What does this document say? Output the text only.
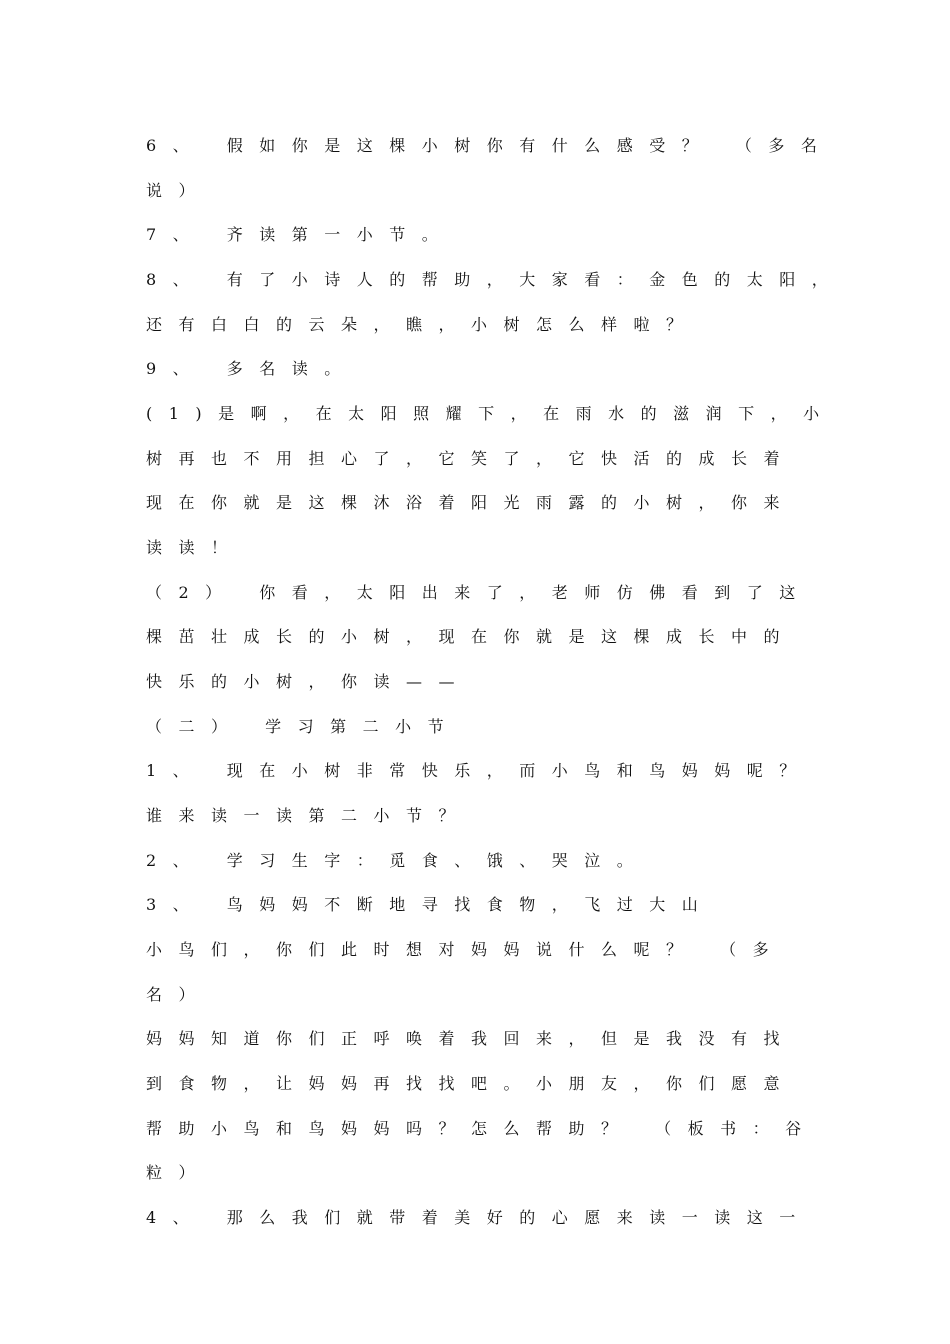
6、 假如你是这棵小树你有什么感受？ （多名
说）
7、 齐读第一小节。
8、 有了小诗人的帮助，大家看：金色的太阳，
还有白白的云朵，瞧，小树怎么样啦？
9、 多名读。
(1)是啊，在太阳照耀下，在雨水的滋润下，小
树再也不用担心了，它笑了，它快活的成长着
现在你就是这棵沐浴着阳光雨露的小树，你来
读读！
（2） 你看，太阳出来了，老师仿佛看到了这
棵茁壮成长的小树，现在你就是这棵成长中的
快乐的小树，你读——
（二） 学习第二小节
1、 现在小树非常快乐，而小鸟和鸟妈妈呢？
谁来读一读第二小节？
2、 学习生字：觅食、饿、哭泣。
3、 鸟妈妈不断地寻找食物，飞过大山
小鸟们，你们此时想对妈妈说什么呢？ （多
名）
妈妈知道你们正呼唤着我回来，但是我没有找
到食物，让妈妈再找找吧。小朋友，你们愿意
帮助小鸟和鸟妈妈吗？怎么帮助？ （板书：谷
粒）
4、 那么我们就带着美好的心愿来读一读这一
